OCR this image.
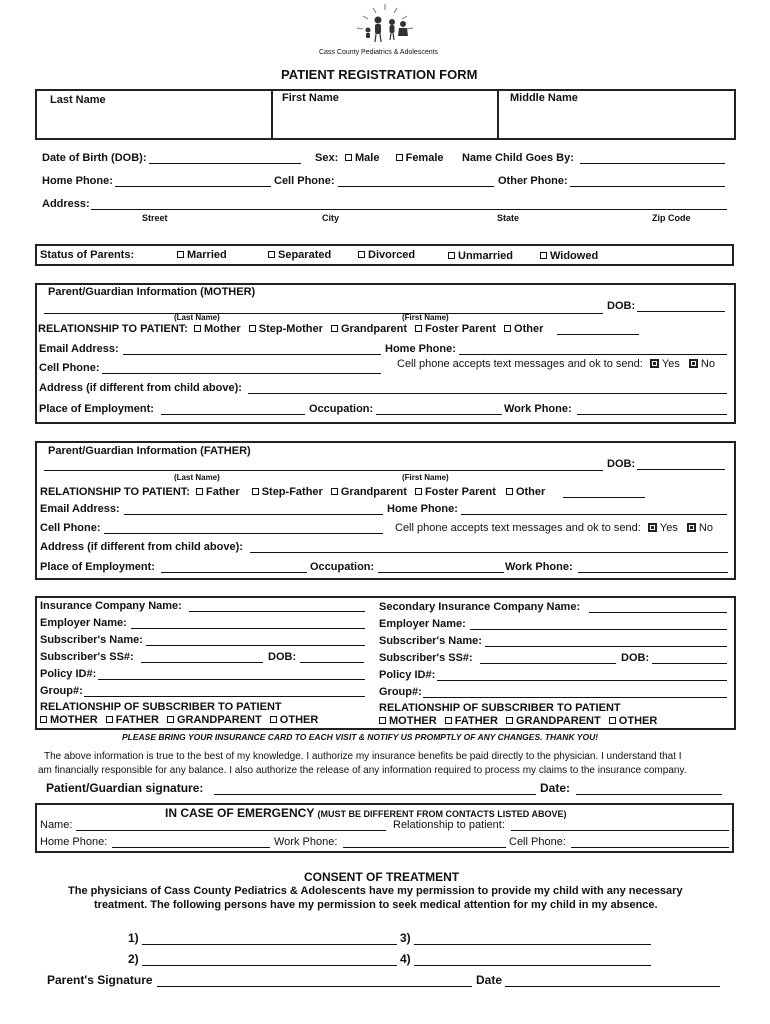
Cass County Pediatrics & Adolescents
PATIENT REGISTRATION FORM
Last Name	First Name	Middle Name
Date of Birth (DOB):	Sex:	Male Female Name Child Goes By:
Home Phone:	Cell Phone:	Other Phone:
Address:
Street	City	State	Zip Code
Status of Parents:	Married	Separated	Divorced	Unmarried	Widowed
Parent/Guardian Information (MOTHER)
DOB:
(Last Name)	(First Name)
RELATIONSHIP TO PATIENT: Mother Step-Mother Grandparent Foster Parent Other
Email Address:	Home Phone:
Cell Phone:	Cell phone accepts text messages and ok to send: Yes No
Address (if different from child above):
Place of Employment:	Occupation:	Work Phone:
Parent/Guardian Information (FATHER)
DOB:
(Last Name)	(First Name)
RELATIONSHIP TO PATIENT: Father Step-Father Grandparent Foster Parent Other
Email Address:	Home Phone:
Cell Phone:	Cell phone accepts text messages and ok to send: Yes No
Address (if different from child above):
Place of Employment:	Occupation:	Work Phone:
Insurance Company Name:
Employer Name:
Subscriber's Name:
Subscriber's SS#:	DOB:
Policy ID#:
Group#:
RELATIONSHIP OF SUBSCRIBER TO PATIENT
MOTHER FATHER GRANDPARENT OTHER
Secondary Insurance Company Name:
Employer Name:
Subscriber's Name:
Subscriber's SS#:	DOB:
Policy ID#:
Group#:
RELATIONSHIP OF SUBSCRIBER TO PATIENT
MOTHER FATHER GRANDPARENT OTHER
PLEASE BRING YOUR INSURANCE CARD TO EACH VISIT & NOTIFY US PROMPTLY OF ANY CHANGES. THANK YOU!
The above information is true to the best of my knowledge. I authorize my insurance benefits be paid directly to the physician. I understand that I
am financially responsible for any balance. I also authorize the release of any information required to process my claims to the insurance company.
Patient/Guardian signature:	Date:
IN CASE OF EMERGENCY (MUST BE DIFFERENT FROM CONTACTS LISTED ABOVE)
Name:	Relationship to patient:
Home Phone:	Work Phone:	Cell Phone:
CONSENT OF TREATMENT
The physicians of Cass County Pediatrics & Adolescents have my permission to provide my child with any necessary
treatment. The following persons have my permission to seek medical attention for my child in my absence.
1)	3)
2)	4)
Parent's Signature	Date
